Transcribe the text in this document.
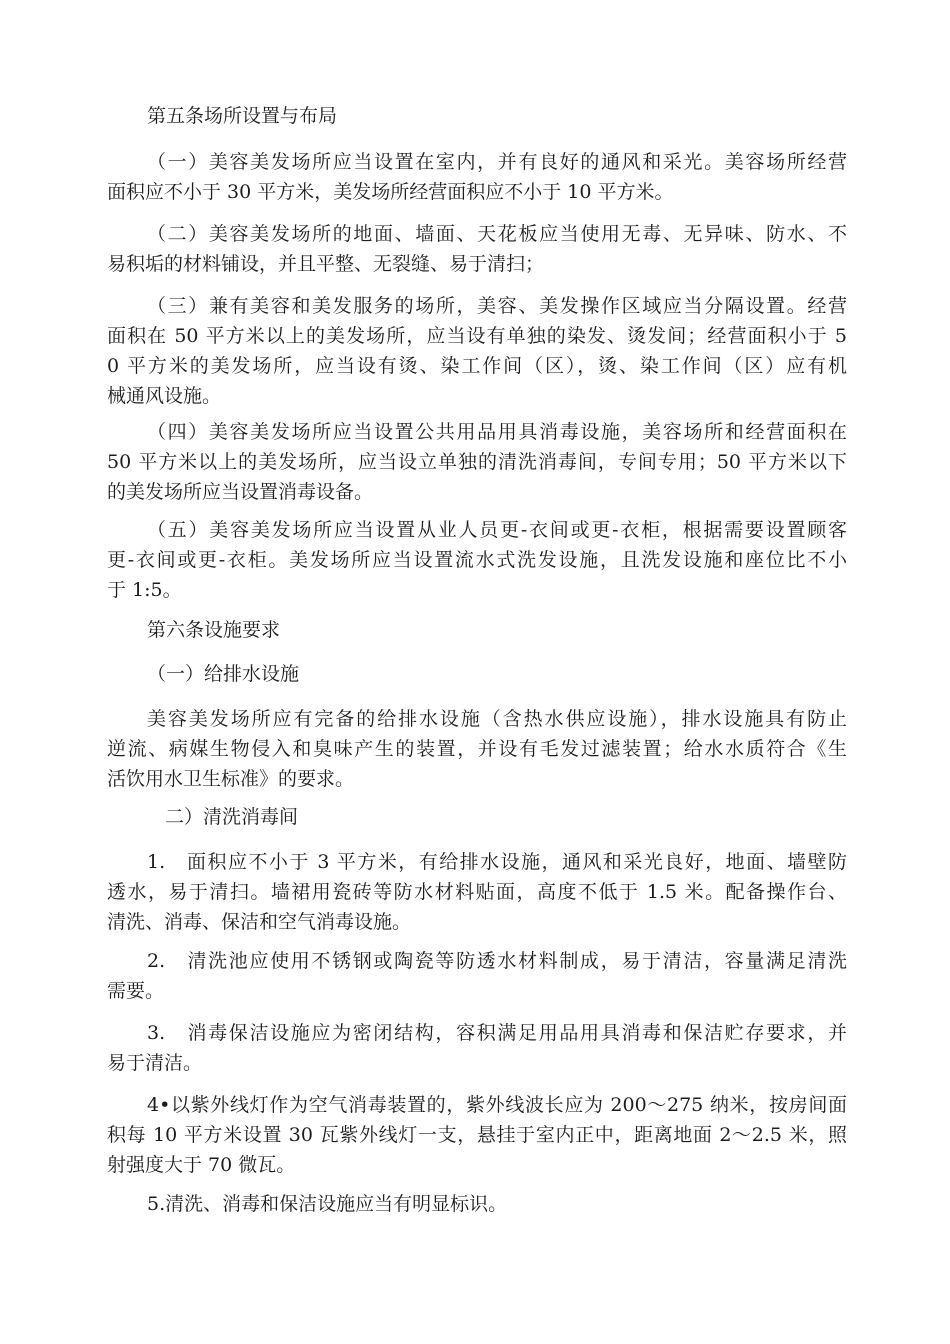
第五条场所设置与布局
（一）美容美发场所应当设置在室内，并有良好的通风和采光。美容场所经营
面积应不小于 30 平方米，美发场所经营面积应不小于 10 平方米。
（二）美容美发场所的地面、墙面、天花板应当使用无毒、无异味、防水、不
易积垢的材料铺设，并且平整、无裂缝、易于清扫；
（三）兼有美容和美发服务的场所，美容、美发操作区域应当分隔设置。经营
面积在 50 平方米以上的美发场所，应当设有单独的染发、烫发间；经营面积小于 5
0 平方米的美发场所，应当设有烫、染工作间（区），烫、染工作间（区）应有机
械通风设施。
（四）美容美发场所应当设置公共用品用具消毒设施，美容场所和经营面积在
50 平方米以上的美发场所，应当设立单独的清洗消毒间，专间专用；50 平方米以下
的美发场所应当设置消毒设备。
（五）美容美发场所应当设置从业人员更-衣间或更-衣柜，根据需要设置顾客
更-衣间或更-衣柜。美发场所应当设置流水式洗发设施，且洗发设施和座位比不小
于 1:5。
第六条设施要求
（一）给排水设施
美容美发场所应有完备的给排水设施（含热水供应设施），排水设施具有防止
逆流、病媒生物侵入和臭味产生的装置，并设有毛发过滤装置；给水水质符合《生
活饮用水卫生标准》的要求。
二）清洗消毒间
1.　面积应不小于 3 平方米，有给排水设施，通风和采光良好，地面、墙壁防
透水，易于清扫。墙裙用瓷砖等防水材料贴面，高度不低于 1.5 米。配备操作台、
清洗、消毒、保洁和空气消毒设施。
2.　清洗池应使用不锈钢或陶瓷等防透水材料制成，易于清洁，容量满足清洗
需要。
3.　消毒保洁设施应为密闭结构，容积满足用品用具消毒和保洁贮存要求，并
易于清洁。
4•以紫外线灯作为空气消毒装置的，紫外线波长应为 200〜275 纳米，按房间面
积每 10 平方米设置 30 瓦紫外线灯一支，悬挂于室内正中，距离地面 2〜2.5 米，照
射强度大于 70 微瓦。
5.清洗、消毒和保洁设施应当有明显标识。
